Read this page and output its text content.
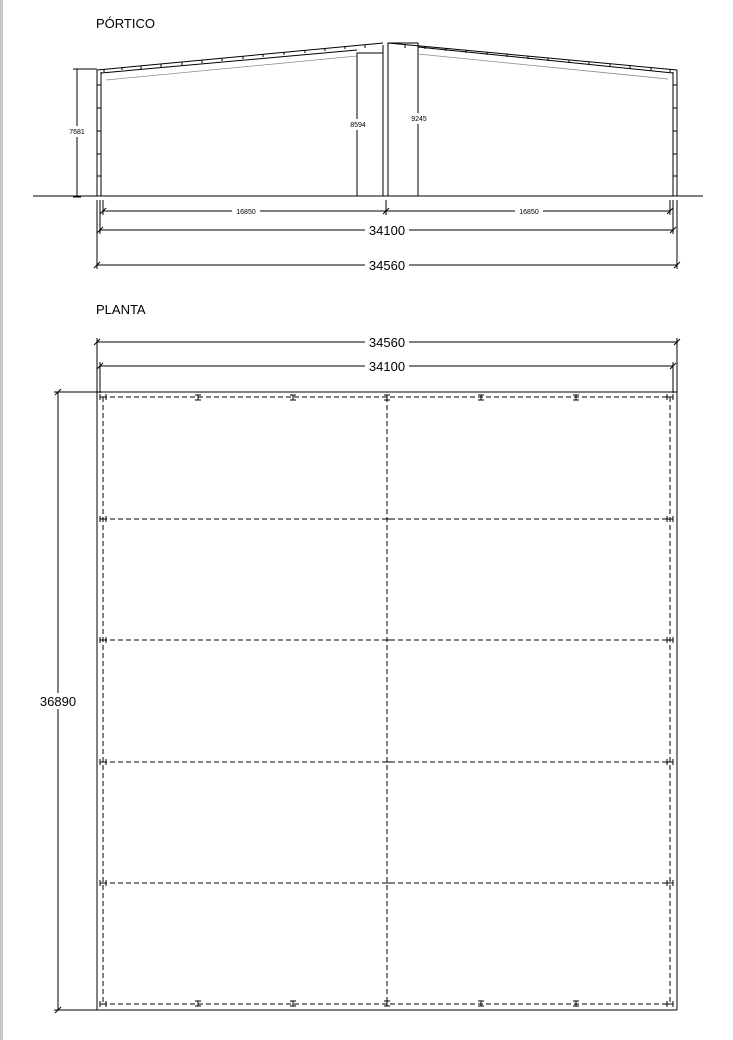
PÓRTICO
7681
8594
9245
16850	16850
34100
34560
PLANTA
34560
34100
36890
